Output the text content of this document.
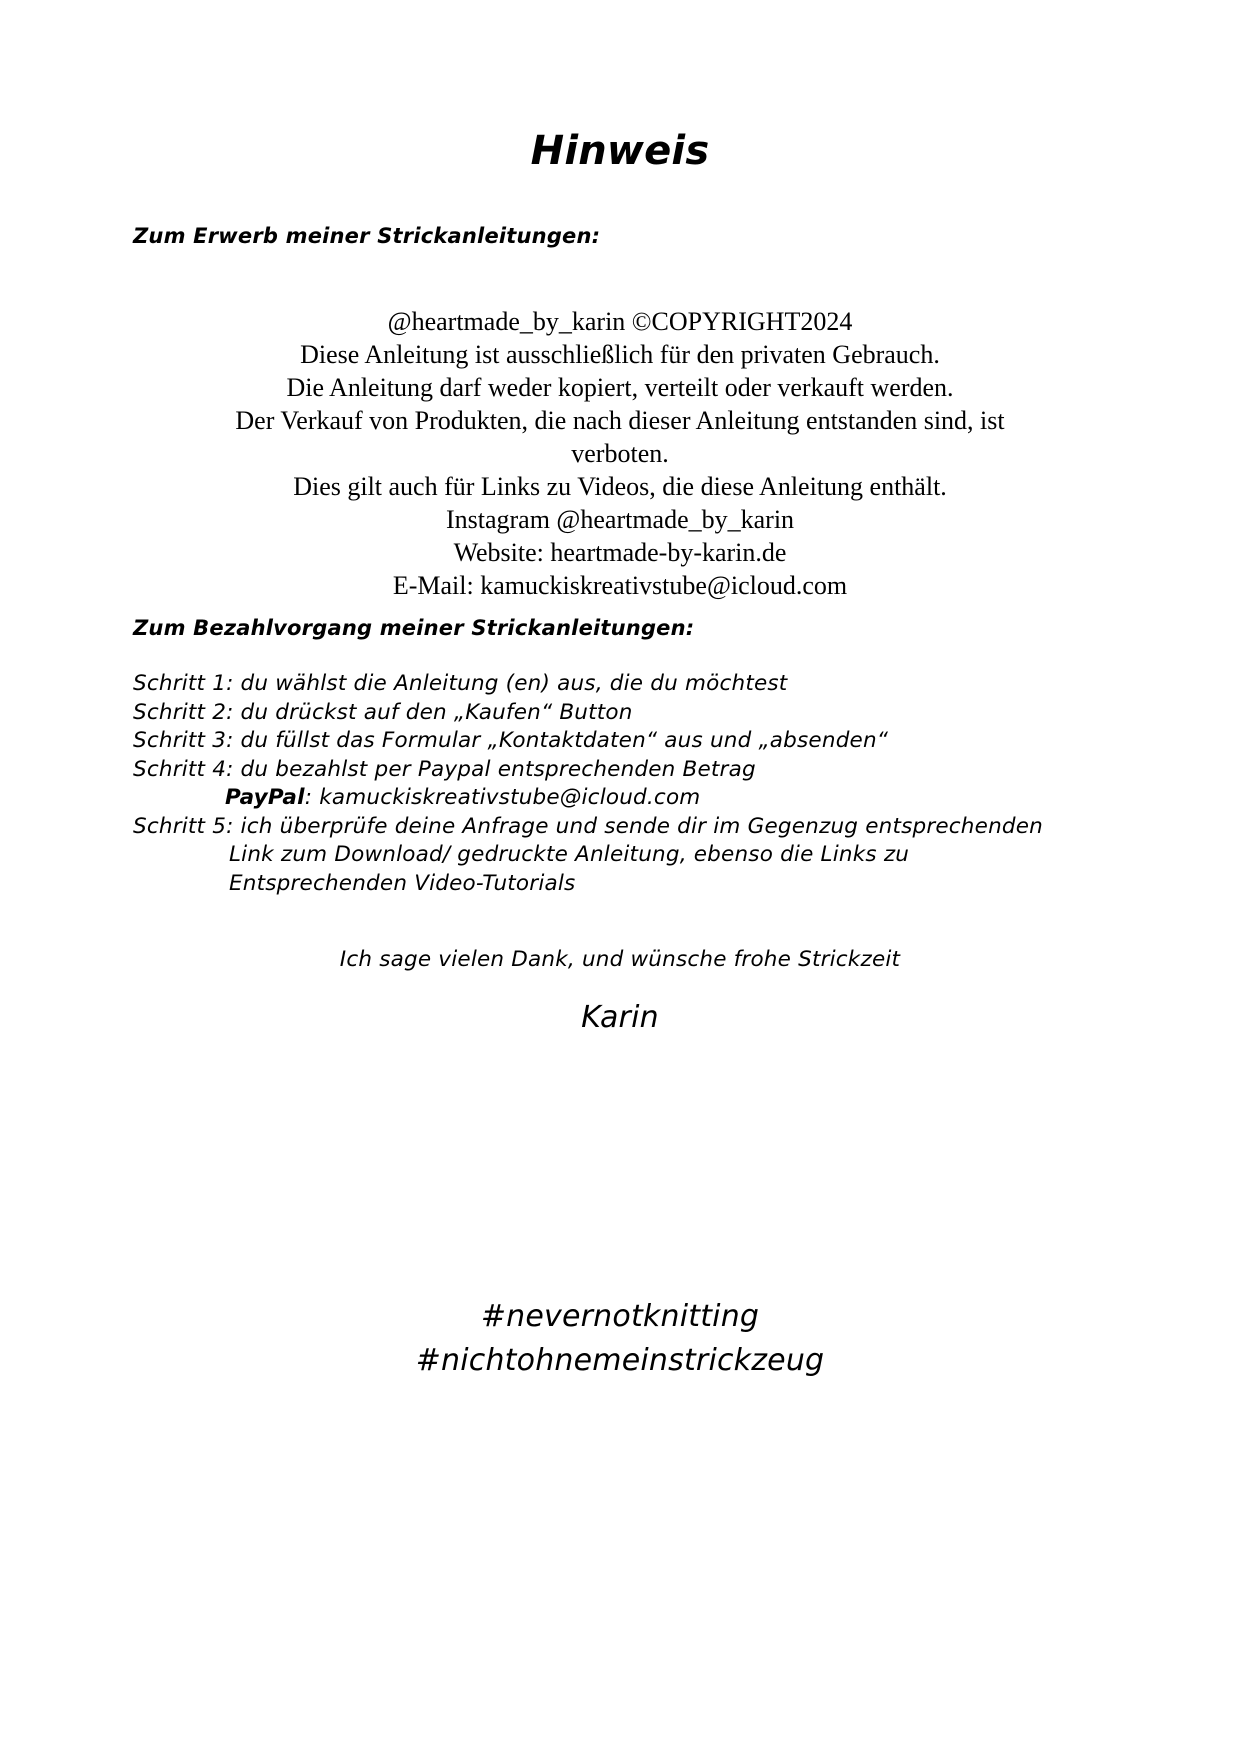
Hinweis
Zum Erwerb meiner Strickanleitungen:
@heartmade_by_karin ©COPYRIGHT2024
Diese Anleitung ist ausschließlich für den privaten Gebrauch.
Die Anleitung darf weder kopiert, verteilt oder verkauft werden.
Der Verkauf von Produkten, die nach dieser Anleitung entstanden sind, ist
verboten.
Dies gilt auch für Links zu Videos, die diese Anleitung enthält.
Instagram @heartmade_by_karin
Website: heartmade-by-karin.de
E-Mail: kamuckiskreativstube@icloud.com
Zum Bezahlvorgang meiner Strickanleitungen:
Schritt 1: du wählst die Anleitung (en) aus, die du möchtest
Schritt 2: du drückst auf den „Kaufen“ Button
Schritt 3: du füllst das Formular „Kontaktdaten“ aus und „absenden“
Schritt 4: du bezahlst per Paypal entsprechenden Betrag
PayPal: kamuckiskreativstube@icloud.com
Schritt 5: ich überprüfe deine Anfrage und sende dir im Gegenzug entsprechenden
Link zum Download/ gedruckte Anleitung, ebenso die Links zu
Entsprechenden Video-Tutorials
Ich sage vielen Dank, und wünsche frohe Strickzeit
Karin
#nevernotknitting
#nichtohnemeinstrickzeug
